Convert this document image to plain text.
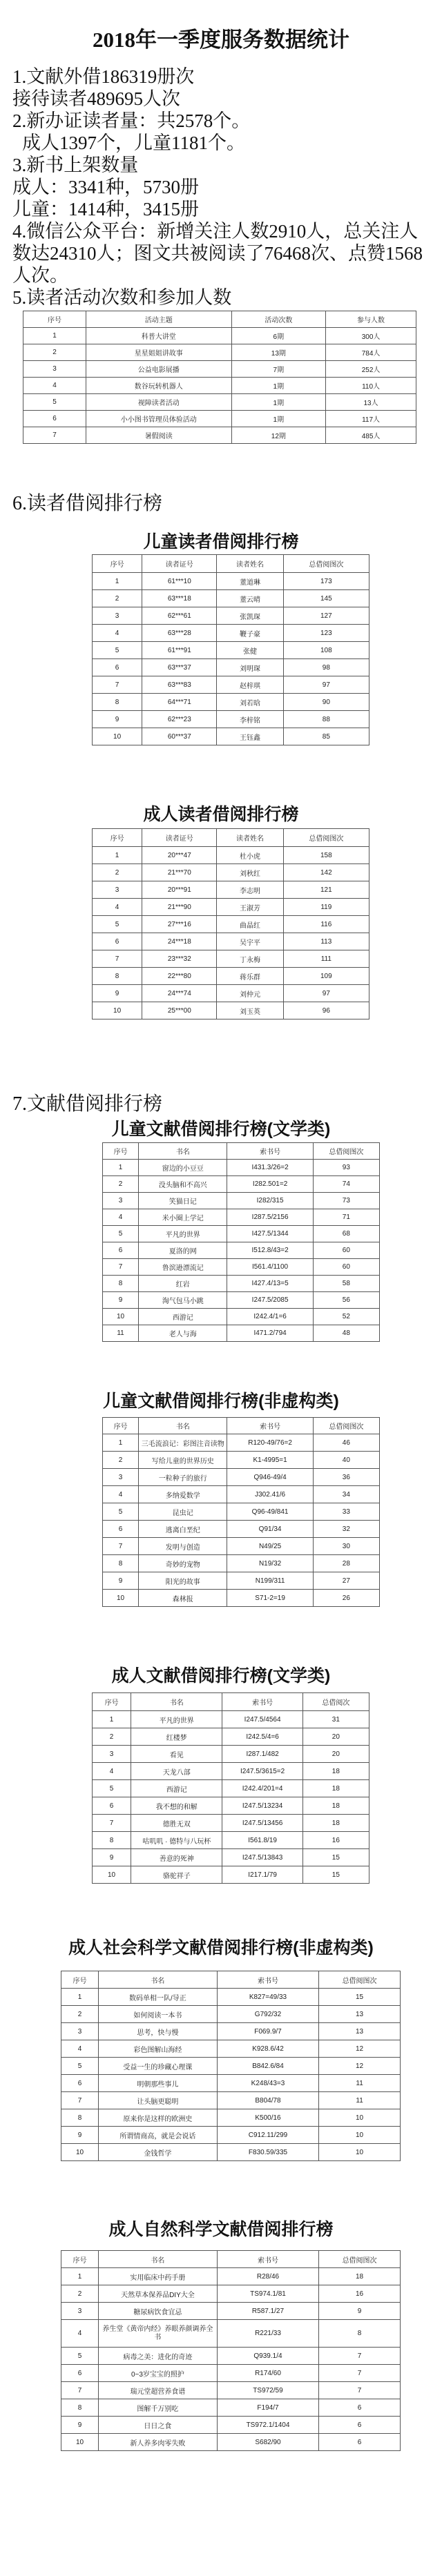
2018年一季度服务数据统计

1.文献外借186319册次

接待读者489695人次

2.新办证读者量：共2578个。

成人1397个，儿童1181个。

3.新书上架数量

成人：3341种，5730册

儿童：1414种，3415册

4.微信公众平台：新增关注人数2910人，总关注人数达24310人；图文共被阅读了76468次、点赞1568人次。

5.读者活动次数和参加人数

序号	活动主题	活动次数	参与人数
1	科普大讲堂	6期	300人
2	星星姐姐讲故事	13期	784人
3	公益电影展播	7期	252人
4	数谷玩转机器人	1期	110人
5	视障读者活动	1期	13人
6	小小图书管理员体验活动	1期	117人
7	暑假阅读	12期	485人
6.读者借阅排行榜
儿童读者借阅排行榜
序号	读者证号	读者姓名	总借阅图次
1	61***10	董道琳	173
2	63***18	董云晴	145
3	62***61	张凯琛	127
4	63***28	鞭子豪	123
5	61***91	张健	108
6	63***37	刘明琛	98
7	63***83	赵梓琪	97
8	64***71	刘若晗	90
9	62***23	李梓铭	88
10	60***37	王钰鑫	85
成人读者借阅排行榜
序号	读者证号	读者姓名	总借阅图次
1	20***47	杜小虎	158
2	21***70	刘秋红	142
3	20***91	李志明	121
4	21***90	王淑芳	119
5	27***16	曲晶红	116
6	24***18	吴宇平	113
7	23***32	丁永梅	111
8	22***80	蒋乐群	109
9	24***74	刘仲元	97
10	25***00	刘玉英	96
7.文献借阅排行榜
儿童文献借阅排行榜(文学类)
序号	书名	索书号	总借阅图次
1	窗边的小豆豆	I431.3/26=2	93
2	没头脑和不高兴	I282.501=2	74
3	笑猫日记	I282/315	73
4	米小圈上学记	I287.5/2156	71
5	平凡的世界	I427.5/1344	68
6	夏洛的网	I512.8/43=2	60
7	鲁滨逊漂流记	I561.4/1100	60
8	红岩	I427.4/13=5	58
9	淘气包马小跳	I247.5/2085	56
10	西游记	I242.4/1=6	52
11	老人与海	I471.2/794	48
儿童文献借阅排行榜(非虚构类)
序号	书名	索书号	总借阅图次
1	三毛流浪记：彩图注音读物	R120-49/76=2	46
2	写给儿童的世界历史	K1-4995=1	40
3	一粒种子的旅行	Q946-49/4	36
4	多纳爱数学	J302.41/6	34
5	昆虫记	Q96-49/841	33
6	逃离白垩纪	Q91/34	32
7	发明与创造	N49/25	30
8	奇妙的宠物	N19/32	28
9	阳光的故事	N199/311	27
10	森林报	S71-2=19	26
成人文献借阅排行榜(文学类)
序号	书名	索书号	总借阅次
1	平凡的世界	I247.5/4564	31
2	红楼梦	I242.5/4=6	20
3	看见	I287.1/482	20
4	天龙八部	I247.5/3615=2	18
5	西游记	I242.4/201=4	18
6	我不想的和解	I247.5/13234	18
7	德胜无双	I247.5/13456	18
8	咕叽叽 · 德特与八玩杯	I561.8/19	16
9	善意的死神	I247.5/13843	15
10	骆驼祥子	I217.1/79	15
成人社会科学文献借阅排行榜(非虚构类)
序号	书名	索书号	总借阅图次
1	数码单相一队/导正	K827=49/33	15
2	如何阅读一本书	G792/32	13
3	思考，快与慢	F069.9/7	13
4	彩色图解山海经	K928.6/42	12
5	受益一生的珍藏心理课	B842.6/84	12
6	明朝那些事儿	K248/43=3	11
7	让头脑更聪明	B804/78	11
8	原来你是这样的欧洲史	K500/16	10
9	所谓情商高，就是会说话	C912.11/299	10
10	金钱哲学	F830.59/335	10
成人自然科学文献借阅排行榜
序号	书名	索书号	总借阅图次
1	实用临床中药手册	R28/46	18
2	天然草本保养品DIY大全	TS974.1/81	16
3	糖尿病饮食宜忌	R587.1/27	9
4	养生堂《黄帝内经》养眼养颜调养全书	R221/33	8
5	病毒之美：进化的奇迹	Q939.1/4	7
6	0~3岁宝宝的照护	R174/60	7
7	瑞元堂超营养食谱	TS972/59	7
8	图解千万别吃	F194/7	6
9	日日之食	TS972.1/1404	6
10	新人养多肉零失败	S682/90	6
